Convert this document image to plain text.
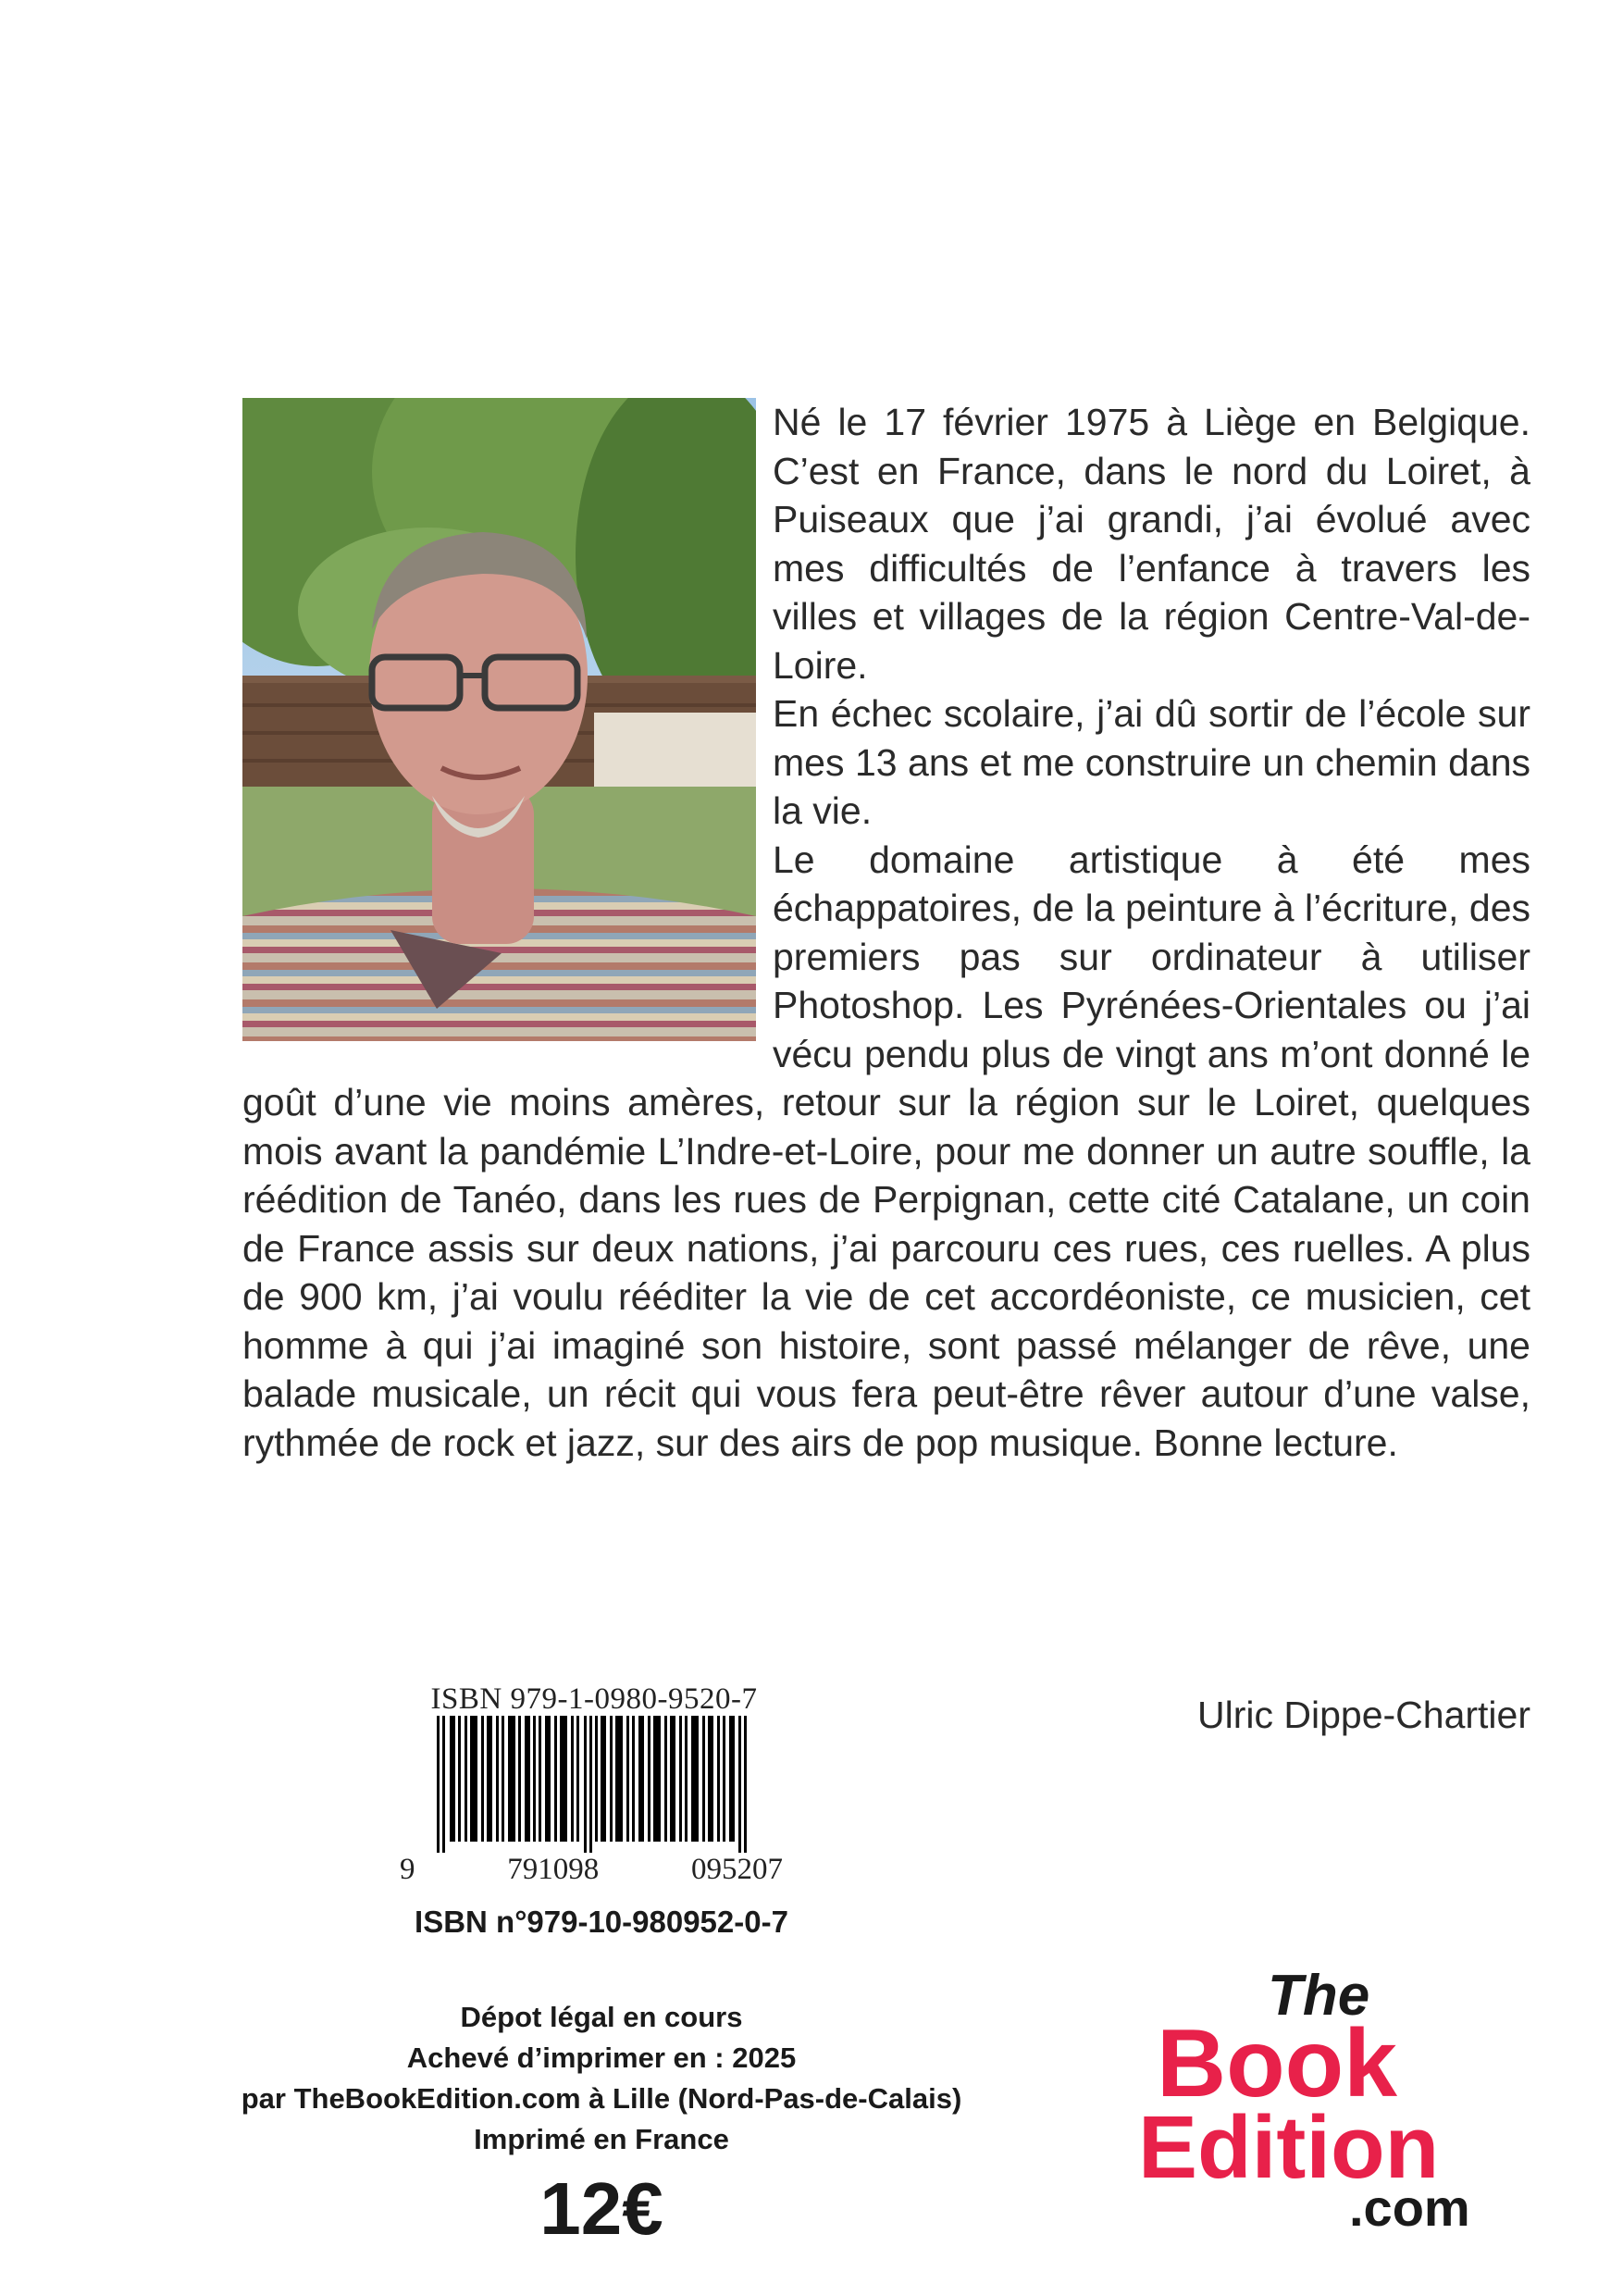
Né le 17 février 1975 à Liège en Belgique. C’est en France, dans le nord du Loiret, à Puiseaux que j’ai grandi, j’ai évolué avec mes difficultés de l’enfance à travers les villes et villages de la région Centre-Val-de-Loire.

En échec scolaire, j’ai dû sortir de l’école sur mes 13 ans et me construire un chemin dans la vie.

Le domaine artistique à été mes échappatoires, de la peinture à l’écriture, des premiers pas sur ordinateur à utiliser Photoshop. Les Pyrénées-Orientales ou j’ai vécu pendu plus de vingt ans m’ont donné le goût d’une vie moins amères, retour sur la région sur le Loiret, quelques mois avant la pandémie L’Indre-et-Loire, pour me donner un autre souffle, la réédition de Tanéo, dans les rues de Perpignan, cette cité Catalane, un coin de France assis sur deux nations, j’ai parcouru ces rues, ces ruelles. A plus de 900 km, j’ai voulu rééditer la vie de cet accordéoniste, ce musicien, cet homme à qui j’ai imaginé son histoire, sont passé mélanger de rêve, une balade musicale, un récit qui vous fera peut-être rêver autour d’une valse, rythmée de rock et jazz, sur des airs de pop musique. Bonne lecture.

Ulric Dippe-Chartier
ISBN 979-1-0980-9520-7
9	791098	095207
ISBN n°979-10-980952-0-7
Dépot légal en cours
Achevé d’imprimer en : 2025
par TheBookEdition.com à Lille (Nord-Pas-de-Calais)
Imprimé en France
12€
The
Book
Edition
.com
